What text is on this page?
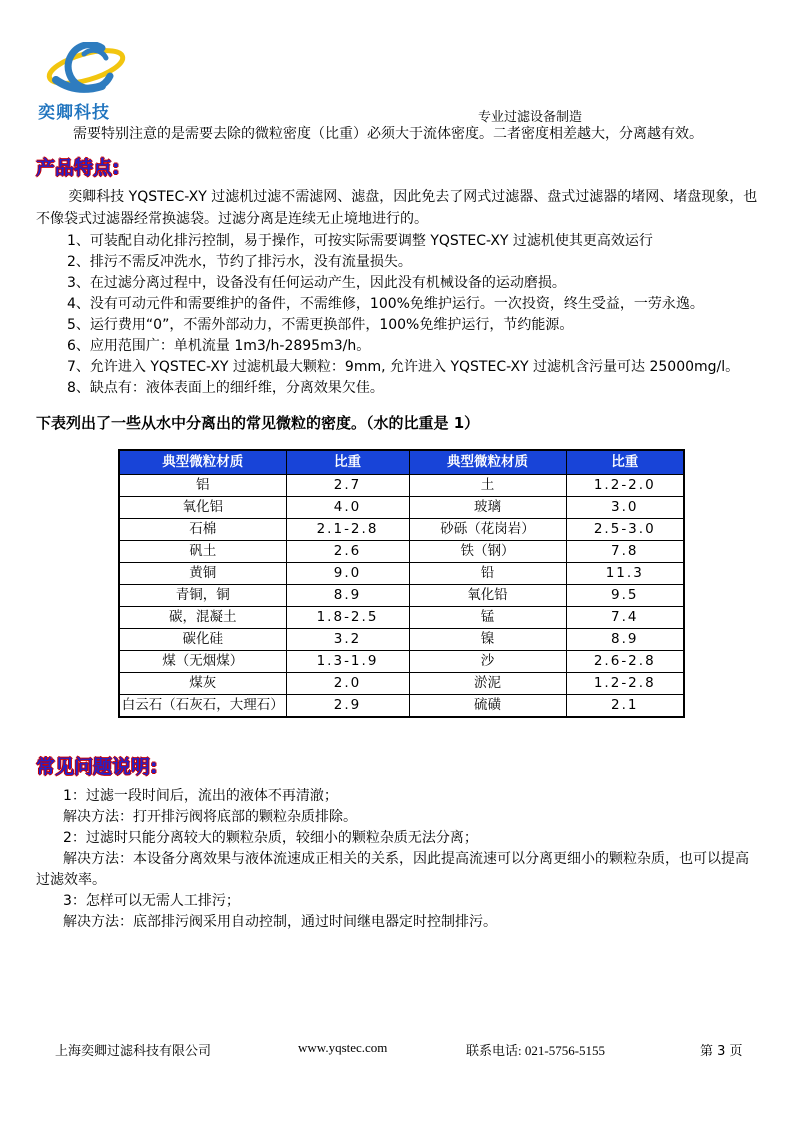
奕卿科技	专业过滤设备制造

需要特别注意的是需要去除的微粒密度（比重）必须大于流体密度。二者密度相差越大，分离越有效。

产品特点:

奕卿科技 YQSTEC-XY 过滤机过滤不需滤网、滤盘，因此免去了网式过滤器、盘式过滤器的堵网、堵盘现象，也不像袋式过滤器经常换滤袋。过滤分离是连续无止境地进行的。

1、可装配自动化排污控制，易于操作，可按实际需要调整 YQSTEC-XY 过滤机使其更高效运行
2、排污不需反冲洗水，节约了排污水，没有流量损失。
3、在过滤分离过程中，设备没有任何运动产生，因此没有机械设备的运动磨损。
4、没有可动元件和需要维护的备件，不需维修，100%免维护运行。一次投资，终生受益，一劳永逸。
5、运行费用“0”，不需外部动力，不需更换部件，100%免维护运行，节约能源。
6、应用范围广：单机流量 1m3/h-2895m3/h。
7、允许进入 YQSTEC-XY 过滤机最大颗粒：9mm, 允许进入 YQSTEC-XY 过滤机含污量可达 25000mg/l。
8、缺点有：液体表面上的细纤维，分离效果欠佳。

下表列出了一些从水中分离出的常见微粒的密度。（水的比重是 1）

典型微粒材质	比重	典型微粒材质	比重
铝	2.7	土	1.2-2.0
氧化铝	4.0	玻璃	3.0
石棉	2.1-2.8	砂砾（花岗岩）	2.5-3.0
矾土	2.6	铁（钢）	7.8
黄铜	9.0	铅	11.3
青铜，铜	8.9	氧化铅	9.5
碳，混凝土	1.8-2.5	锰	7.4
碳化硅	3.2	镍	8.9
煤（无烟煤）	1.3-1.9	沙	2.6-2.8
煤灰	2.0	淤泥	1.2-2.8
白云石（石灰石，大理石）	2.9	硫磺	2.1
常见问题说明:

1：过滤一段时间后，流出的液体不再清澈；

解决方法：打开排污阀将底部的颗粒杂质排除。

2：过滤时只能分离较大的颗粒杂质，较细小的颗粒杂质无法分离；

解决方法：本设备分离效果与液体流速成正相关的关系，因此提高流速可以分离更细小的颗粒杂质，也可以提高过滤效率。

3：怎样可以无需人工排污；

解决方法：底部排污阀采用自动控制，通过时间继电器定时控制排污。

上海奕卿过滤科技有限公司	www.yqstec.com	联系电话: 021-5756-5155	第 3 页
